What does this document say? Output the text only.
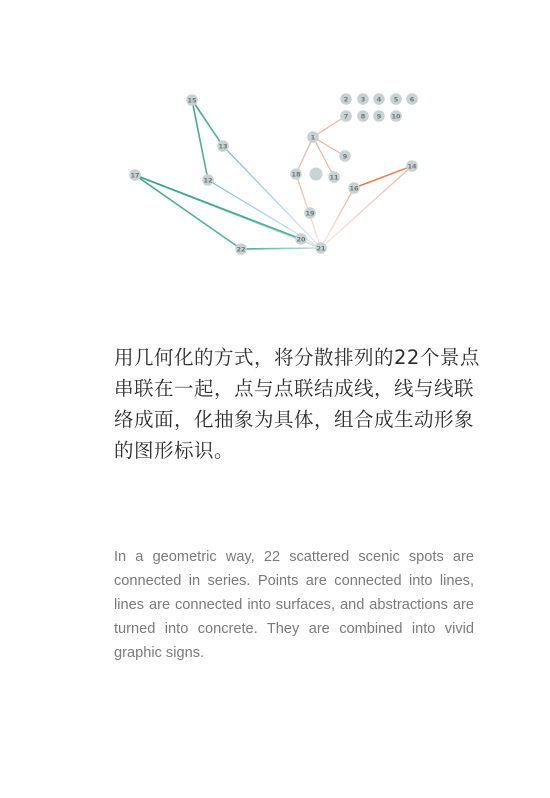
1
2 3 4 5 6
7 8 9 10
9
11
12
13
14
15
16
17	18
19
20
21
22

用几何化的方式，将分散排列的22个景点串联在一起，点与点联结成线，线与线联络成面，化抽象为具体，组合成生动形象的图形标识。

In a geometric way, 22 scattered scenic spots are connected in series. Points are connected into lines, lines are connected into surfaces, and abstractions are turned into concrete. They are combined into vivid graphic signs.
